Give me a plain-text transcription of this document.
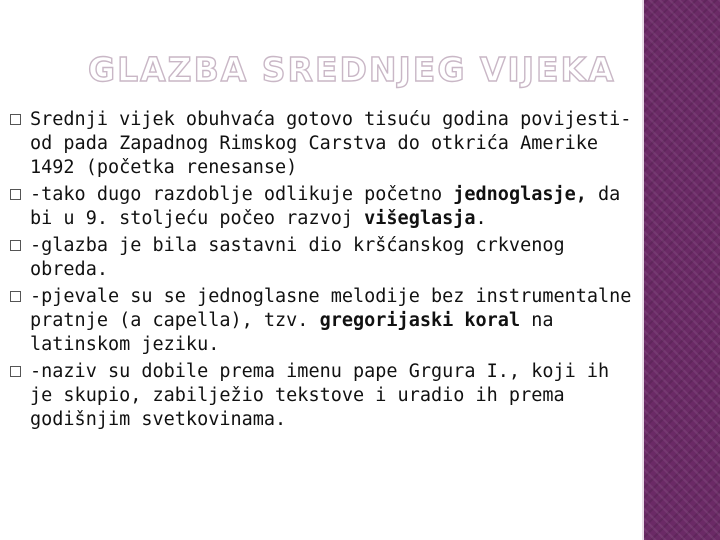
GLAZBA SREDNJEG VIJEKA
Srednji vijek obuhvaća gotovo tisuću godina povijesti- od pada Zapadnog Rimskog Carstva do otkrića Amerike 1492 (početka renesanse)
-tako dugo razdoblje odlikuje početno jednoglasje, da bi u 9. stoljeću počeo razvoj višeglasja.
-glazba je bila sastavni dio kršćanskog crkvenog obreda.
-pjevale su se jednoglasne melodije bez instrumentalne pratnje (a capella), tzv. gregorijaski koral na latinskom jeziku.
-naziv su dobile prema imenu pape Grgura I., koji ih je skupio, zabilježio tekstove i uradio ih prema godišnjim svetkovinama.
